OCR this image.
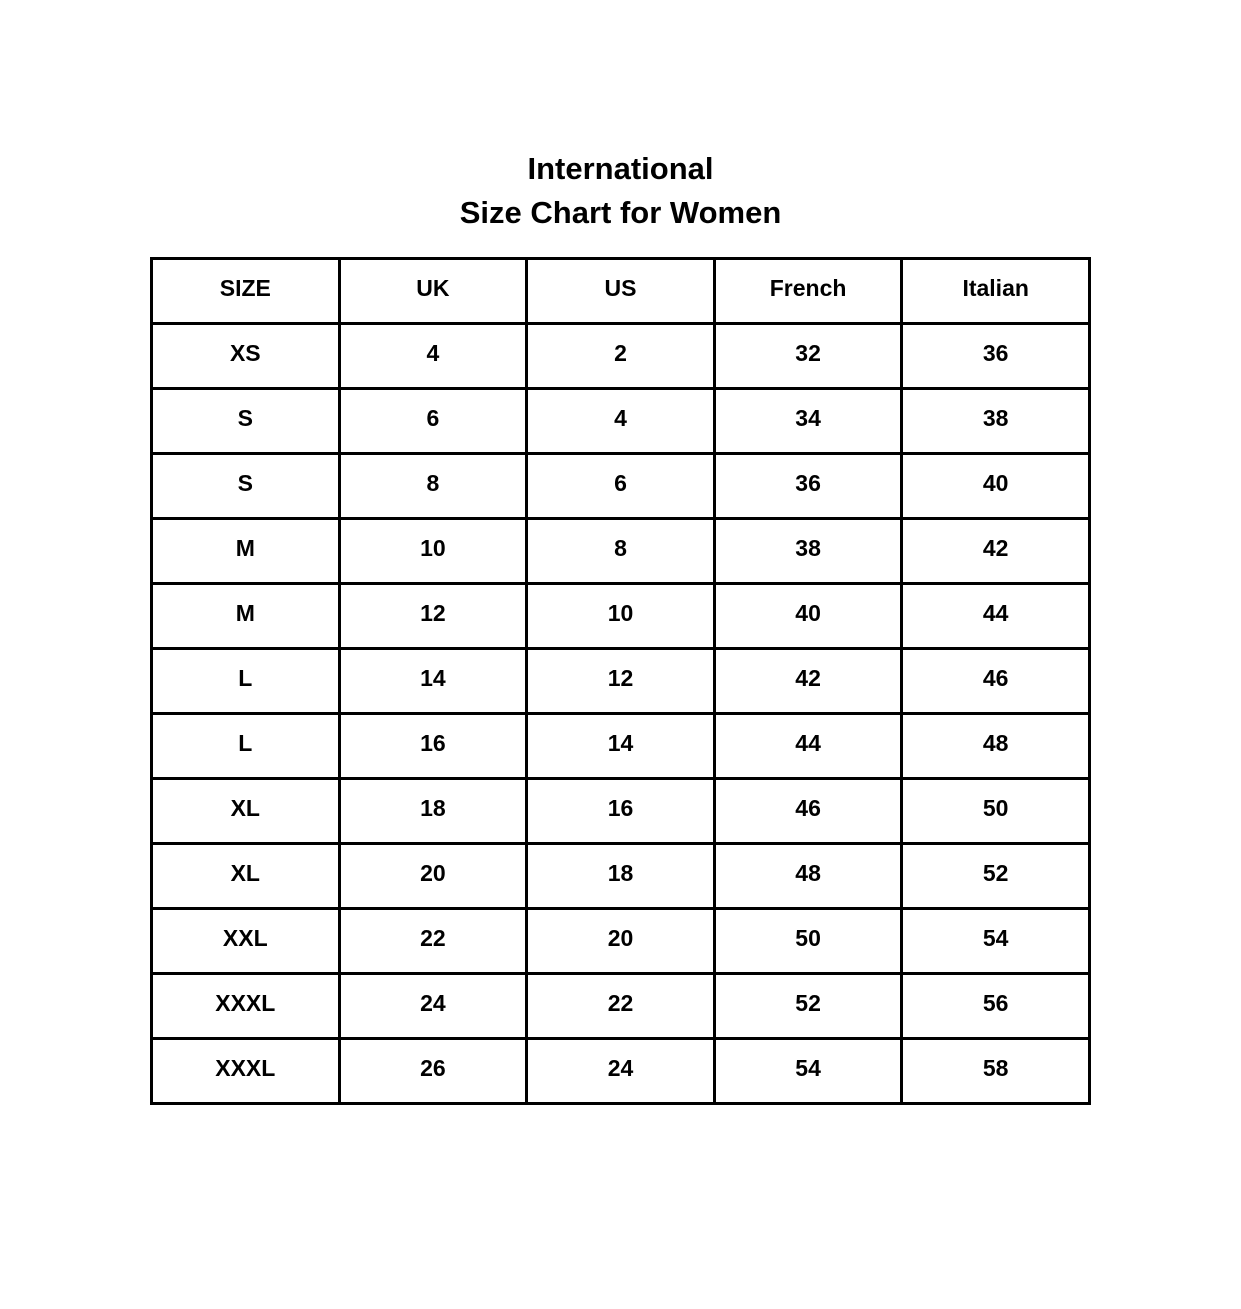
International
Size Chart for Women
SIZE	UK	US	French	Italian
XS	4	2	32	36
S	6	4	34	38
S	8	6	36	40
M	10	8	38	42
M	12	10	40	44
L	14	12	42	46
L	16	14	44	48
XL	18	16	46	50
XL	20	18	48	52
XXL	22	20	50	54
XXXL	24	22	52	56
XXXL	26	24	54	58
